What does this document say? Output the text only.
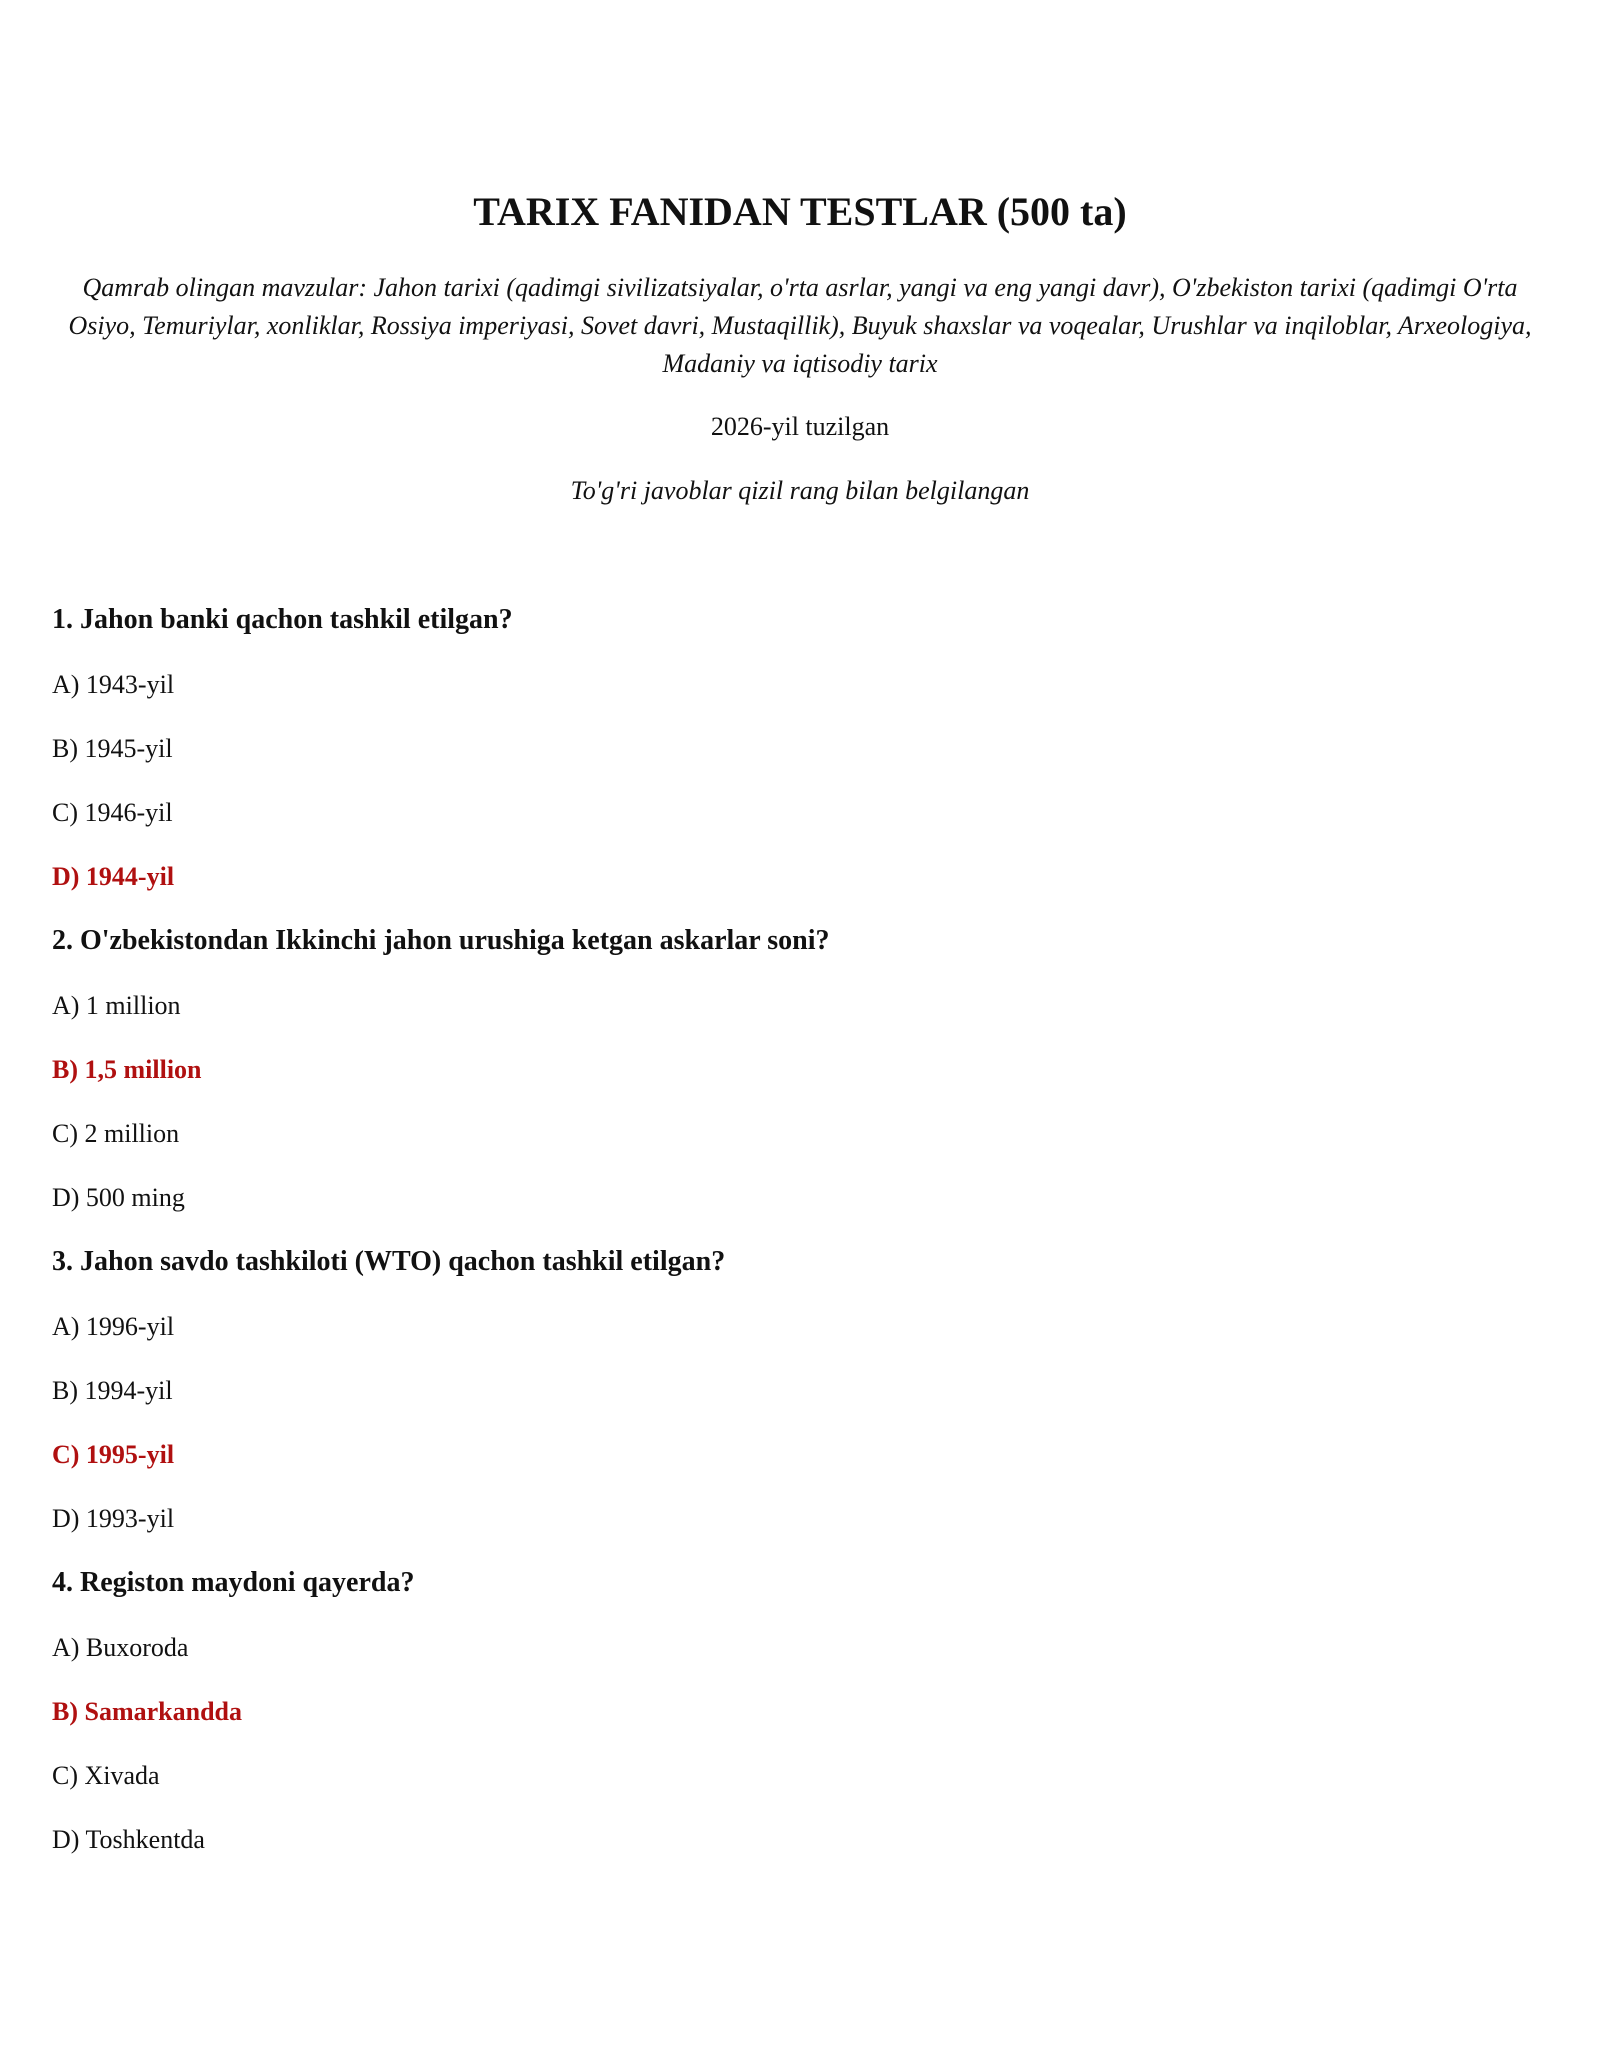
TARIX FANIDAN TESTLAR (500 ta)

Qamrab olingan mavzular: Jahon tarixi (qadimgi sivilizatsiyalar, o'rta asrlar, yangi va eng yangi davr), O'zbekiston tarixi (qadimgi O'rta Osiyo, Temuriylar, xonliklar, Rossiya imperiyasi, Sovet davri, Mustaqillik), Buyuk shaxslar va voqealar, Urushlar va inqiloblar, Arxeologiya, Madaniy va iqtisodiy tarix

2026-yil tuzilgan

To'g'ri javoblar qizil rang bilan belgilangan

1. Jahon banki qachon tashkil etilgan?
A) 1943-yil
B) 1945-yil
C) 1946-yil
D) 1944-yil
2. O'zbekistondan Ikkinchi jahon urushiga ketgan askarlar soni?
A) 1 million
B) 1,5 million
C) 2 million
D) 500 ming
3. Jahon savdo tashkiloti (WTO) qachon tashkil etilgan?
A) 1996-yil
B) 1994-yil
C) 1995-yil
D) 1993-yil
4. Registon maydoni qayerda?
A) Buxoroda
B) Samarkandda
C) Xivada
D) Toshkentda
